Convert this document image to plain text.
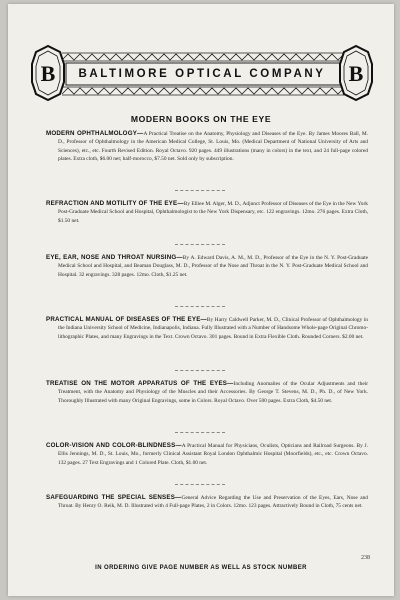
B	B
BALTIMORE OPTICAL COMPANY
MODERN BOOKS ON THE EYE
MODERN OPHTHALMOLOGY—A Practical Treatise on the Anatomy, Physiology and Diseases of the Eye. By James Moores Ball, M. D., Professor of Ophthalmology in the American Medical College, St. Louis, Mo. (Medical Department of National University of Arts and Sciences), etc., etc. Fourth Revised Edition. Royal Octavo. 920 pages. 449 illustrations (many in colors) in the text, and 24 full-page colored plates. Extra cloth, $6.00 net; half-morocco, $7.50 net. Sold only by subscription.
REFRACTION AND MOTILITY OF THE EYE—By Elliee M. Alger, M. D., Adjunct Professor of Diseases of the Eye in the New York Post-Graduate Medical School and Hospital, Ophthalmologist to the New York Dispensary, etc. 122 engravings. 12mo. 276 pages. Extra Cloth, $1.50 net.
EYE, EAR, NOSE AND THROAT NURSING—By A. Edward Davis, A. M., M. D., Professor of the Eye in the N. Y. Post-Graduate Medical School and Hospital, and Beaman Douglass, M. D., Professor of the Nose and Throat in the N. Y. Post-Graduate Medical School and Hospital. 32 engravings. 328 pages. 12mo. Cloth, $1.25 net.
PRACTICAL MANUAL OF DISEASES OF THE EYE—By Harry Caldwell Parker, M. D., Clinical Professor of Ophthalmology in the Indiana University School of Medicine, Indianapolis, Indiana. Fully Illustrated with a Number of Handsome Whole-page Original Chromo-lithographic Plates, and many Engravings in the Text. Crown Octavo. 301 pages. Bound in Extra Flexible Cloth. Rounded Corners. $2.00 net.
TREATISE ON THE MOTOR APPARATUS OF THE EYES—Including Anomalies of the Ocular Adjustments and their Treatment, with the Anatomy and Physiology of the Muscles and their Accessories. By George T. Stevens, M. D., Ph. D., of New York. Thoroughly Illustrated with many Original Engravings, some in Colors. Royal Octavo. Over 500 pages. Extra Cloth, $4.50 net.
COLOR-VISION AND COLOR-BLINDNESS—A Practical Manual for Physicians, Oculists, Opticians and Railroad Surgeons. By J. Ellis Jennings, M. D., St. Louis, Mo., formerly Clinical Assistant Royal London Ophthalmic Hospital (Moorfields), etc., etc. Crown Octavo. 132 pages. 27 Text Engravings and 1 Colored Plate. Cloth, $1.00 net.
SAFEGUARDING THE SPECIAL SENSES—General Advice Regarding the Use and Preservation of the Eyes, Ears, Nose and Throat. By Henry O. Reik, M. D. Illustrated with 4 Full-page Plates, 2 in Colors. 12mo. 123 pages. Attractively Bound in Cloth, 75 cents net.
238
IN ORDERING GIVE PAGE NUMBER AS WELL AS STOCK NUMBER
